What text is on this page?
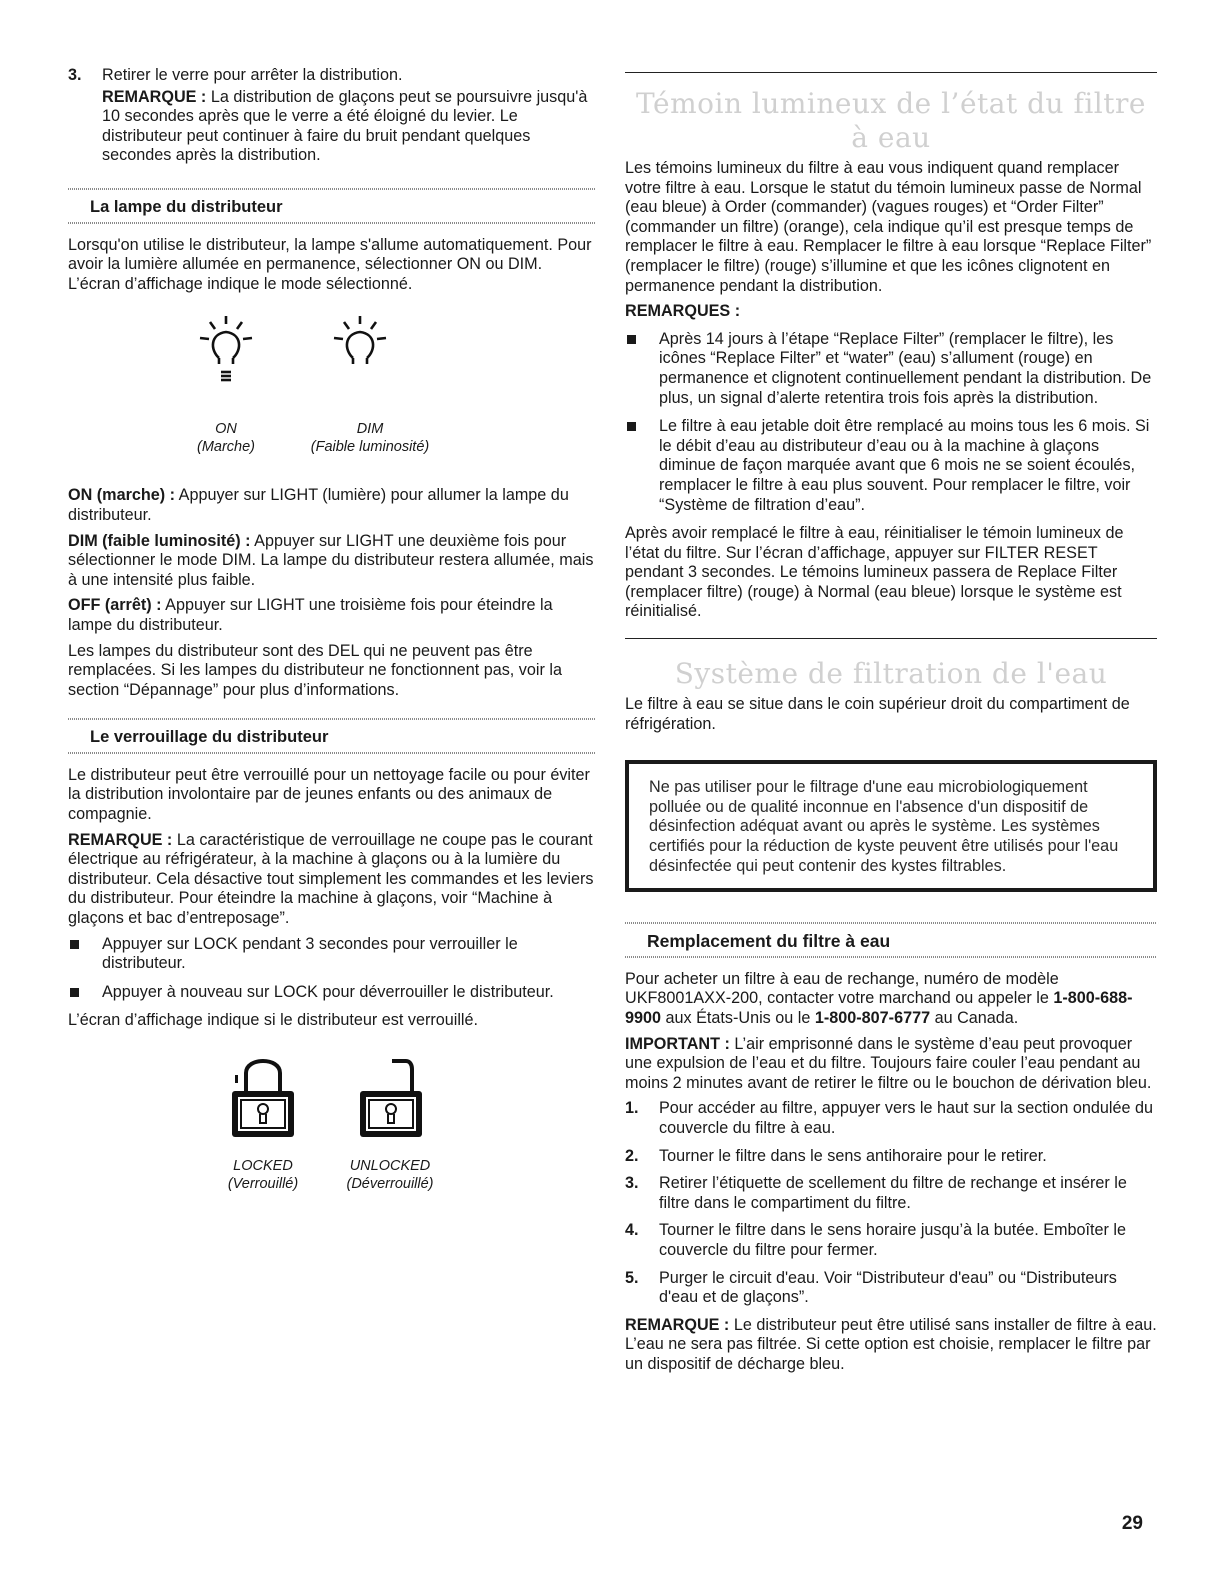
3.	Retirer le verre pour arrêter la distribution.
REMARQUE : La distribution de glaçons peut se poursuivre jusqu'à 10 secondes après que le verre a été éloigné du levier. Le distributeur peut continuer à faire du bruit pendant quelques secondes après la distribution.
La lampe du distributeur

Lorsqu'on utilise le distributeur, la lampe s'allume automatiquement. Pour avoir la lumière allumée en permanence, sélectionner ON ou DIM. L’écran d’affichage indique le mode sélectionné.

ON
(Marche)
DIM
(Faible luminosité)

ON (marche) : Appuyer sur LIGHT (lumière) pour allumer la lampe du distributeur.

DIM (faible luminosité) : Appuyer sur LIGHT une deuxième fois pour sélectionner le mode DIM. La lampe du distributeur restera allumée, mais à une intensité plus faible.

OFF (arrêt) : Appuyer sur LIGHT une troisième fois pour éteindre la lampe du distributeur.

Les lampes du distributeur sont des DEL qui ne peuvent pas être remplacées. Si les lampes du distributeur ne fonctionnent pas, voir la section “Dépannage” pour plus d’informations.

Le verrouillage du distributeur

Le distributeur peut être verrouillé pour un nettoyage facile ou pour éviter la distribution involontaire par de jeunes enfants ou des animaux de compagnie.

REMARQUE : La caractéristique de verrouillage ne coupe pas le courant électrique au réfrigérateur, à la machine à glaçons ou à la lumière du distributeur. Cela désactive tout simplement les commandes et les leviers du distributeur. Pour éteindre la machine à glaçons, voir “Machine à glaçons et bac d’entreposage”.

Appuyer sur LOCK pendant 3 secondes pour verrouiller le distributeur.
Appuyer à nouveau sur LOCK pour déverrouiller le distributeur.

L’écran d’affichage indique si le distributeur est verrouillé.

LOCKED
(Verrouillé)
UNLOCKED
(Déverrouillé)
Témoin lumineux de l’état du filtre à eau

Les témoins lumineux du filtre à eau vous indiquent quand remplacer votre filtre à eau. Lorsque le statut du témoin lumineux passe de Normal (eau bleue) à Order (commander) (vagues rouges) et “Order Filter” (commander un filtre) (orange), cela indique qu’il est presque temps de remplacer le filtre à eau. Remplacer le filtre à eau lorsque “Replace Filter” (remplacer le filtre) (rouge) s’illumine et que les icônes clignotent en permanence pendant la distribution.

REMARQUES :

Après 14 jours à l’étape “Replace Filter” (remplacer le filtre), les icônes “Replace Filter” et “water” (eau) s’allument (rouge) en permanence et clignotent continuellement pendant la distribution. De plus, un signal d’alerte retentira trois fois après la distribution.
Le filtre à eau jetable doit être remplacé au moins tous les 6 mois. Si le débit d’eau au distributeur d’eau ou à la machine à glaçons diminue de façon marquée avant que 6 mois ne se soient écoulés, remplacer le filtre à eau plus souvent. Pour remplacer le filtre, voir “Système de filtration d’eau”.

Après avoir remplacé le filtre à eau, réinitialiser le témoin lumineux de l’état du filtre. Sur l’écran d’affichage, appuyer sur FILTER RESET pendant 3 secondes. Le témoins lumineux passera de Replace Filter (remplacer filtre) (rouge) à Normal (eau bleue) lorsque le système est réinitialisé.

Système de filtration de l'eau

Le filtre à eau se situe dans le coin supérieur droit du compartiment de réfrigération.

Ne pas utiliser pour le filtrage d'une eau microbiologiquement polluée ou de qualité inconnue en l'absence d'un dispositif de désinfection adéquat avant ou après le système. Les systèmes certifiés pour la réduction de kyste peuvent être utilisés pour l'eau désinfectée qui peut contenir des kystes filtrables.
Remplacement du filtre à eau

Pour acheter un filtre à eau de rechange, numéro de modèle UKF8001AXX-200, contacter votre marchand ou appeler le 1-800-688-9900 aux États-Unis ou le 1-800-807-6777 au Canada.

IMPORTANT : L’air emprisonné dans le système d’eau peut provoquer une expulsion de l’eau et du filtre. Toujours faire couler l’eau pendant au moins 2 minutes avant de retirer le filtre ou le bouchon de dérivation bleu.

1.	Pour accéder au filtre, appuyer vers le haut sur la section ondulée du couvercle du filtre à eau.
2.	Tourner le filtre dans le sens antihoraire pour le retirer.
3.	Retirer l’étiquette de scellement du filtre de rechange et insérer le filtre dans le compartiment du filtre.
4.	Tourner le filtre dans le sens horaire jusqu’à la butée. Emboîter le couvercle du filtre pour fermer.
5.	Purger le circuit d'eau. Voir “Distributeur d'eau” ou “Distributeurs d'eau et de glaçons”.

REMARQUE : Le distributeur peut être utilisé sans installer de filtre à eau. L’eau ne sera pas filtrée. Si cette option est choisie, remplacer le filtre par un dispositif de décharge bleu.

29
